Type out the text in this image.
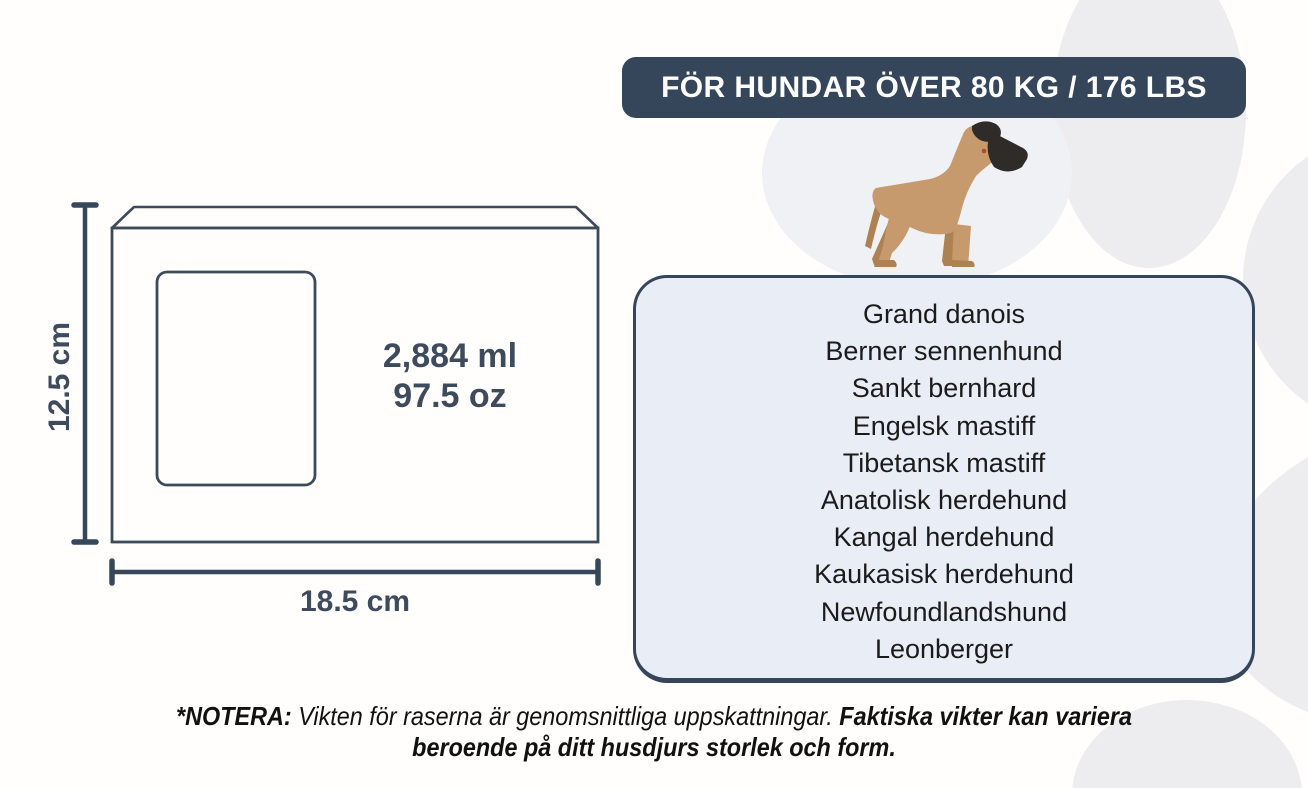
FÖR HUNDAR ÖVER 80 KG / 176 LBS
2,884 ml
97.5 oz
12.5 cm
18.5 cm
Grand danois
Berner sennenhund
Sankt bernhard
Engelsk mastiff
Tibetansk mastiff
Anatolisk herdehund
Kangal herdehund
Kaukasisk herdehund
Newfoundlandshund
Leonberger
*NOTERA: Vikten för raserna är genomsnittliga uppskattningar. Faktiska vikter kan variera
beroende på ditt husdjurs storlek och form.
